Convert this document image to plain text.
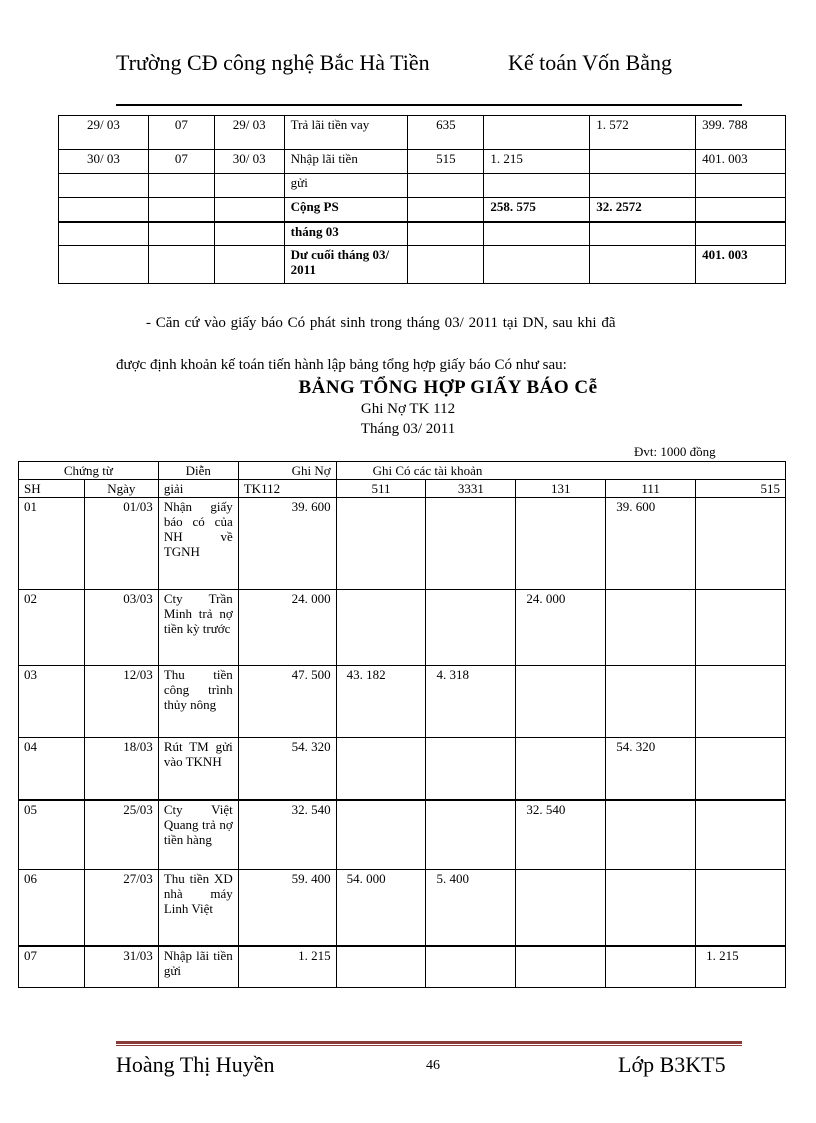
Trường CĐ công nghệ Bắc Hà Tiền	Kế toán Vốn Bằng
29/ 03	07	29/ 03	Trả lãi tiền vay	635		1. 572	399. 788
30/ 03	07	30/ 03	Nhập lãi tiền	515	1. 215		401. 003
			gửi				
			Cộng PS		258. 575	32. 2572	
			tháng 03				
			Dư cuối tháng 03/ 2011				401. 003
- Căn cứ vào giấy báo Có phát sinh trong tháng 03/ 2011 tại DN, sau khi đã
được định khoản kế toán tiến hành lập bảng tổng hợp giấy báo Có như sau:
BẢNG TỔNG HỢP GIẤY BÁO Cễ
Ghi Nợ TK 112
Tháng 03/ 2011
Đvt: 1000 đồng
Chứng từ		Diễn	Ghi Nợ	Ghi Có các tài khoản				
SH	Ngày	giải	TK112	511	3331	131	111	515
01	01/03	Nhận giấy báo có của NH về TGNH	39. 600				39. 600	
02	03/03	Cty Trần Minh trả nợ tiền kỳ trước	24. 000			24. 000		
03	12/03	Thu tiền công trình thủy nông	47. 500	43. 182	4. 318			
04	18/03	Rút TM gửi vào TKNH	54. 320				54. 320	
05	25/03	Cty Việt Quang trả nợ tiền hàng	32. 540			32. 540		
06	27/03	Thu tiền XD nhà máy Linh Việt	59. 400	54. 000	5. 400			
07	31/03	Nhập lãi tiền gửi	1. 215					1. 215
Hoàng Thị Huyền	46	Lớp B3KT5
